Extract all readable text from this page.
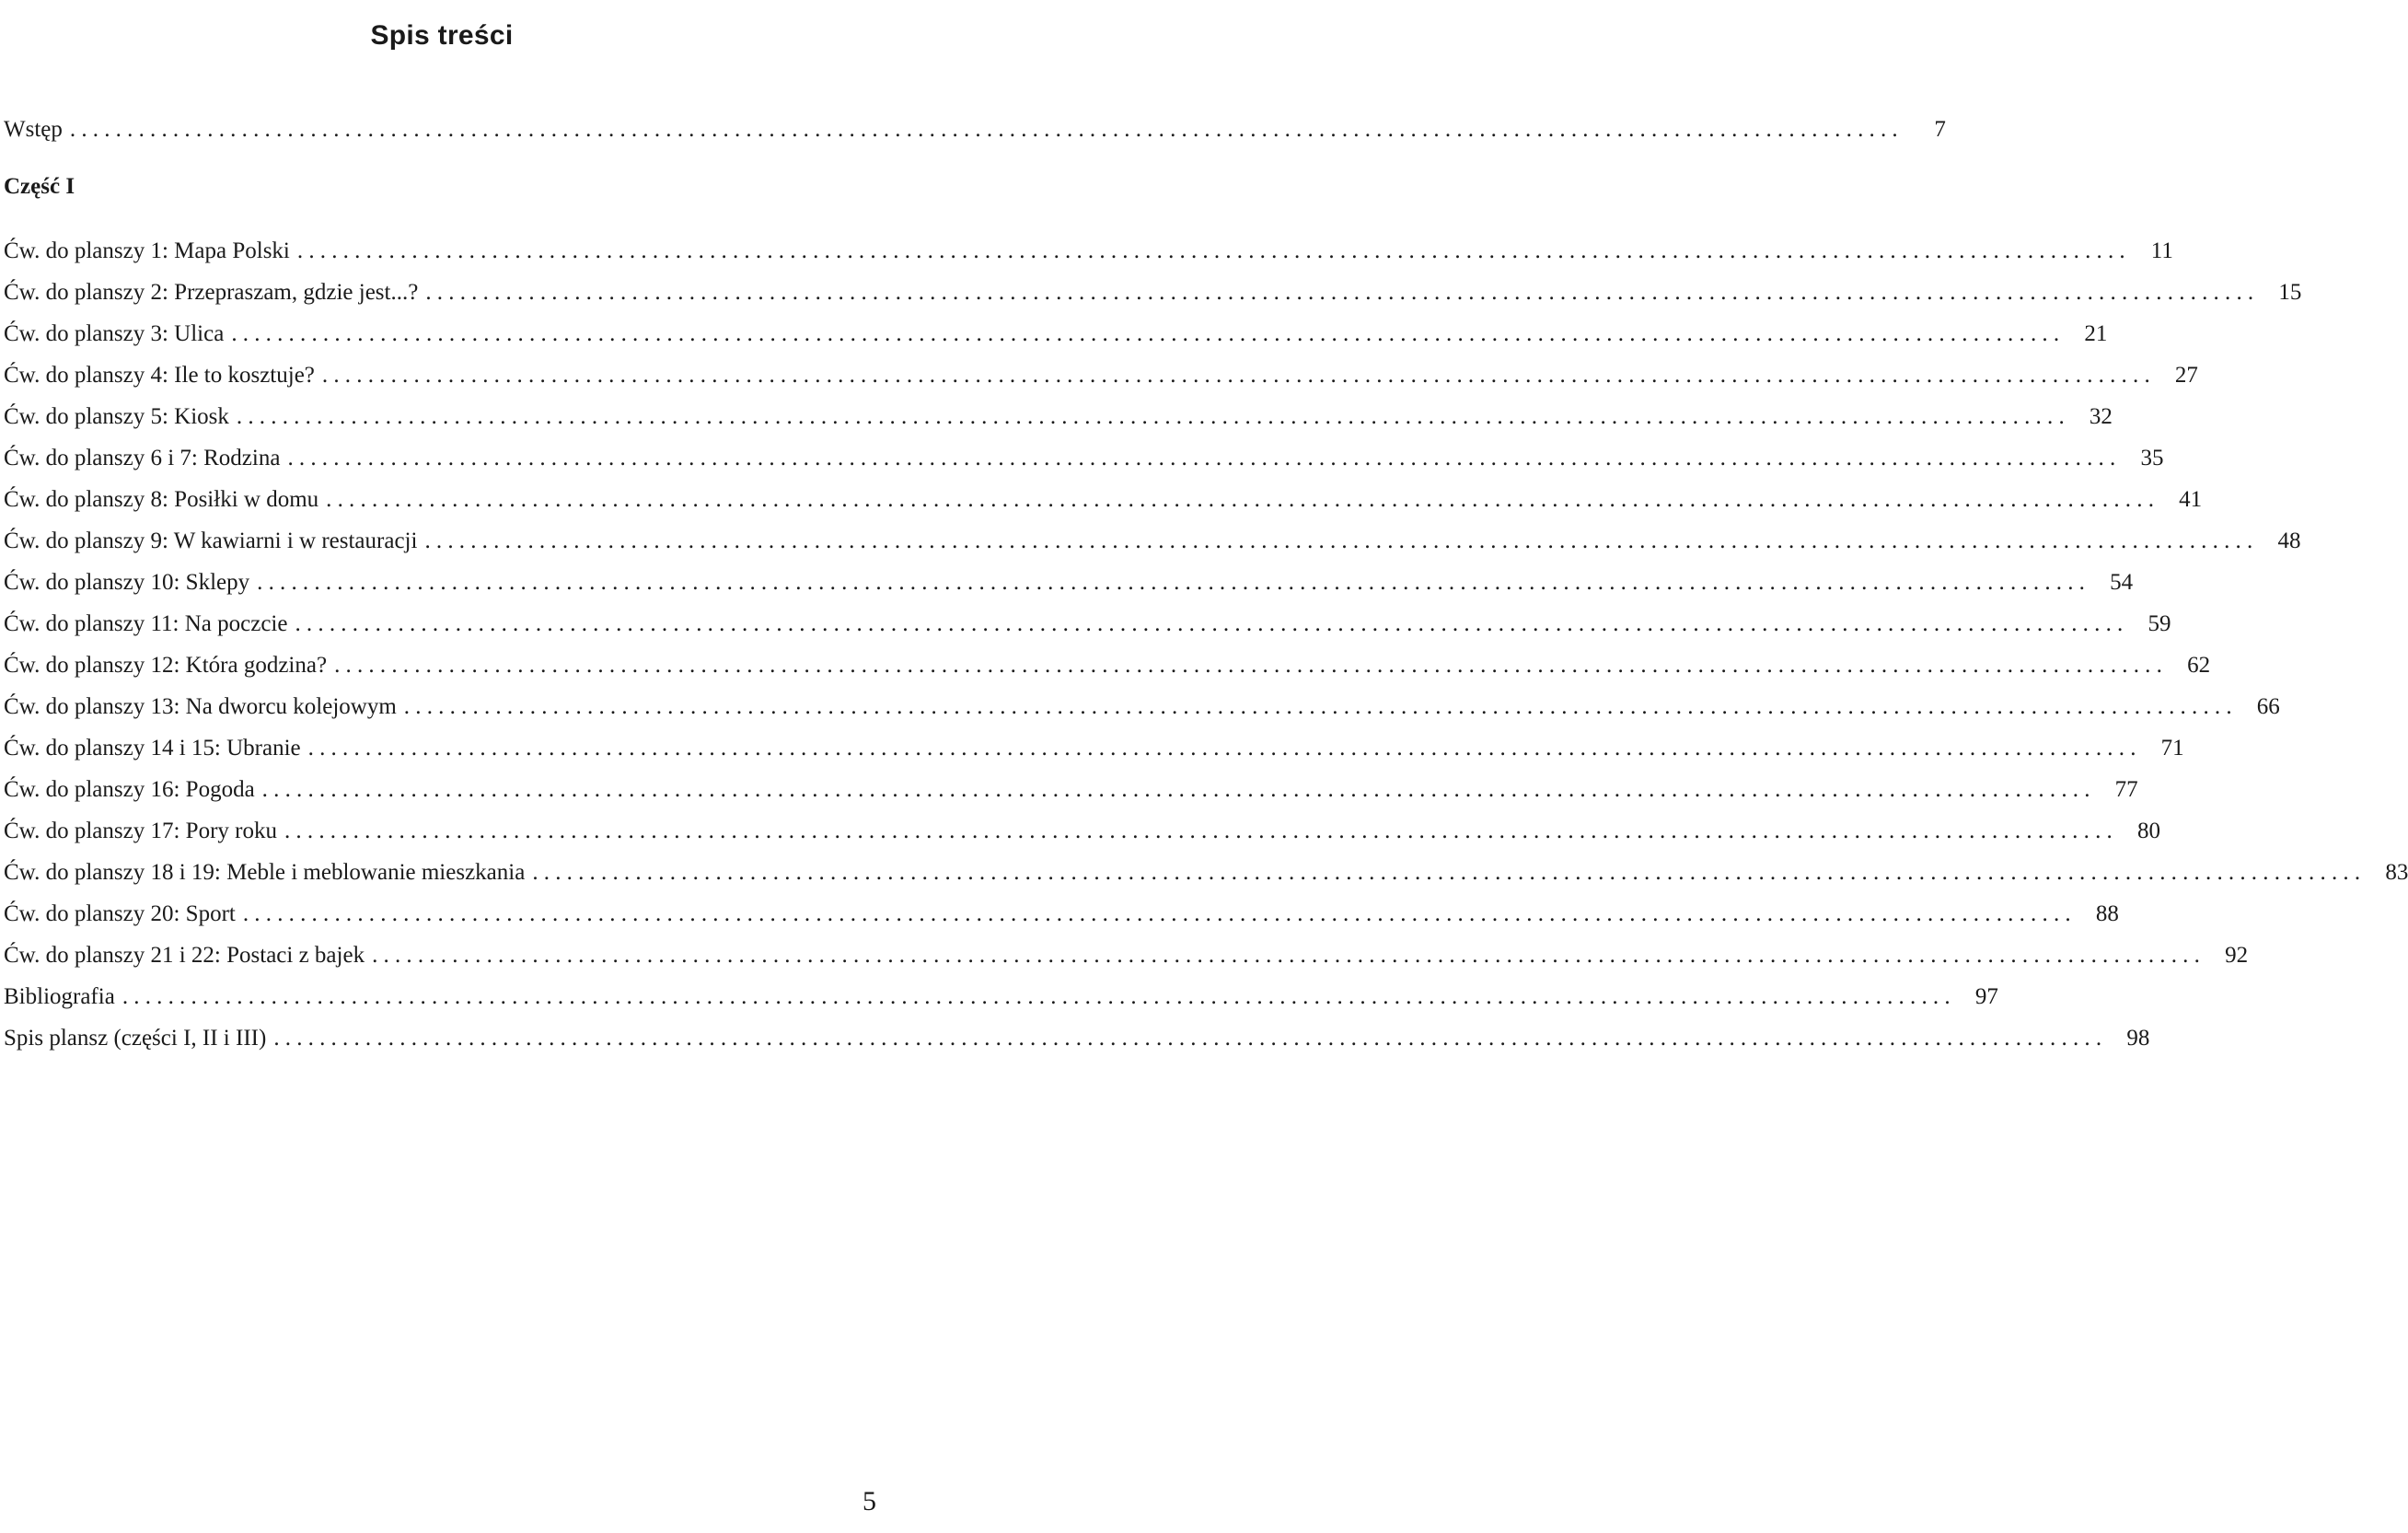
Spis treści
Wstęp ................................................................................................................................................................	7
Część I
Ćw. do planszy 1: Mapa Polski ................................................................................................................................................................ 11
Ćw. do planszy 2: Przepraszam, gdzie jest...? ................................................................................................................................................................ 15
Ćw. do planszy 3: Ulica ................................................................................................................................................................ 21
Ćw. do planszy 4: Ile to kosztuje? ................................................................................................................................................................ 27
Ćw. do planszy 5: Kiosk ................................................................................................................................................................ 32
Ćw. do planszy 6 i 7: Rodzina ................................................................................................................................................................ 35
Ćw. do planszy 8: Posiłki w domu ................................................................................................................................................................ 41
Ćw. do planszy 9: W kawiarni i w restauracji ................................................................................................................................................................ 48
Ćw. do planszy 10: Sklepy ................................................................................................................................................................ 54
Ćw. do planszy 11: Na poczcie ................................................................................................................................................................ 59
Ćw. do planszy 12: Która godzina? ................................................................................................................................................................ 62
Ćw. do planszy 13: Na dworcu kolejowym ................................................................................................................................................................ 66
Ćw. do planszy 14 i 15: Ubranie ................................................................................................................................................................ 71
Ćw. do planszy 16: Pogoda ................................................................................................................................................................ 77
Ćw. do planszy 17: Pory roku ................................................................................................................................................................ 80
Ćw. do planszy 18 i 19: Meble i meblowanie mieszkania ................................................................................................................................................................ 83
Ćw. do planszy 20: Sport ................................................................................................................................................................ 88
Ćw. do planszy 21 i 22: Postaci z bajek ................................................................................................................................................................ 92
Bibliografia ................................................................................................................................................................ 97
Spis plansz (części I, II i III) ................................................................................................................................................................ 98
5
